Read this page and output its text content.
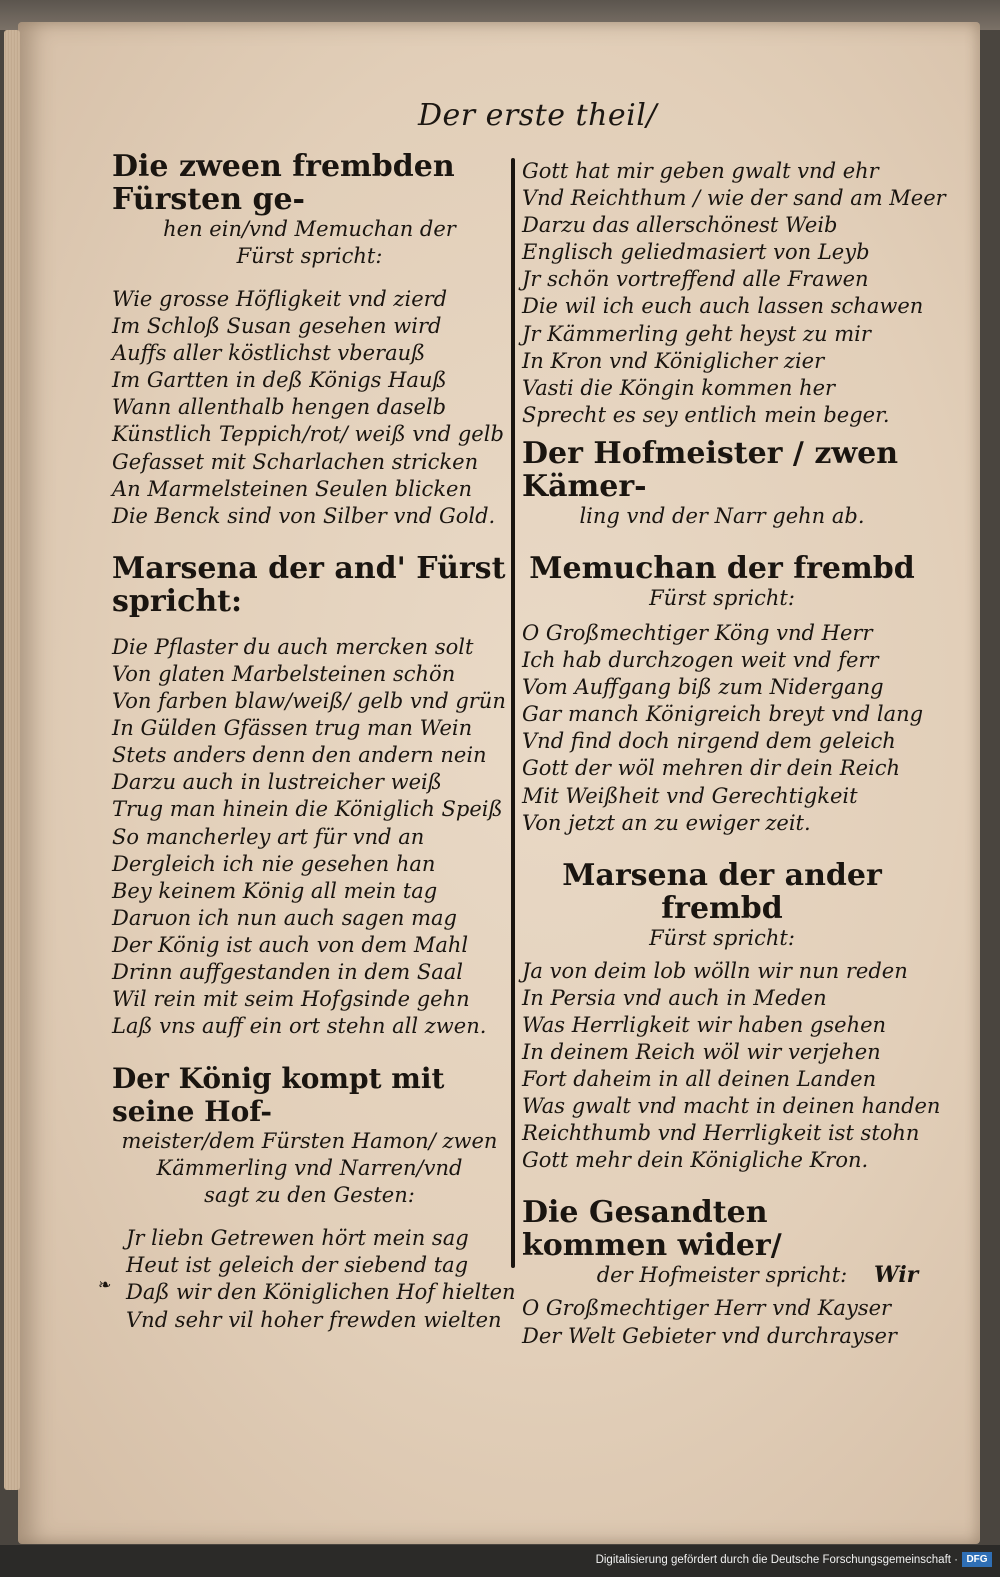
Der erste theil/

Die zween frembden Fürsten ge-

hen ein/vnd Memuchan der

Fürst spricht:

Wie grosse Höfligkeit vnd zierd

Im Schloß Susan gesehen wird

Auffs aller köstlichst vberauß

Im Gartten in deß Königs Hauß

Wann allenthalb hengen daselb

Künstlich Teppich/rot/ weiß vnd gelb

Gefasset mit Scharlachen stricken

An Marmelsteinen Seulen blicken

Die Benck sind von Silber vnd Gold.

Marsena der and' Fürst spricht:

Die Pflaster du auch mercken solt

Von glaten Marbelsteinen schön

Von farben blaw/weiß/ gelb vnd grün

In Gülden Gfässen trug man Wein

Stets anders denn den andern nein

Darzu auch in lustreicher weiß

Trug man hinein die Königlich Speiß

So mancherley art für vnd an

Dergleich ich nie gesehen han

Bey keinem König all mein tag

Daruon ich nun auch sagen mag

Der König ist auch von dem Mahl

Drinn auffgestanden in dem Saal

Wil rein mit seim Hofgsinde gehn

Laß vns auff ein ort stehn all zwen.

Der König kompt mit seine Hof-

meister/dem Fürsten Hamon/ zwen

Kämmerling vnd Narren/vnd

sagt zu den Gesten:

Jr liebn Getrewen hört mein sag

Heut ist geleich der siebend tag

Daß wir den Königlichen Hof hielten

Vnd sehr vil hoher frewden wielten

Gott hat mir geben gwalt vnd ehr

Vnd Reichthum / wie der sand am Meer

Darzu das allerschönest Weib

Englisch geliedmasiert von Leyb

Jr schön vortreffend alle Frawen

Die wil ich euch auch lassen schawen

Jr Kämmerling geht heyst zu mir

In Kron vnd Königlicher zier

Vasti die Köngin kommen her

Sprecht es sey entlich mein beger.

Der Hofmeister / zwen Kämer-

ling vnd der Narr gehn ab.

Memuchan der frembd

Fürst spricht:

O Großmechtiger Köng vnd Herr

Ich hab durchzogen weit vnd ferr

Vom Auffgang biß zum Nidergang

Gar manch Königreich breyt vnd lang

Vnd find doch nirgend dem geleich

Gott der wöl mehren dir dein Reich

Mit Weißheit vnd Gerechtigkeit

Von jetzt an zu ewiger zeit.

Marsena der ander frembd

Fürst spricht:

Ja von deim lob wölln wir nun reden

In Persia vnd auch in Meden

Was Herrligkeit wir haben gsehen

In deinem Reich wöl wir verjehen

Fort daheim in all deinen Landen

Was gwalt vnd macht in deinen handen

Reichthumb vnd Herrligkeit ist stohn

Gott mehr dein Königliche Kron.

Die Gesandten kommen wider/

der Hofmeister spricht:

O Großmechtiger Herr vnd Kayser

Der Welt Gebieter vnd durchrayser

Wir
❧
Digitalisierung gefördert durch die Deutsche Forschungsgemeinschaft · DFG
